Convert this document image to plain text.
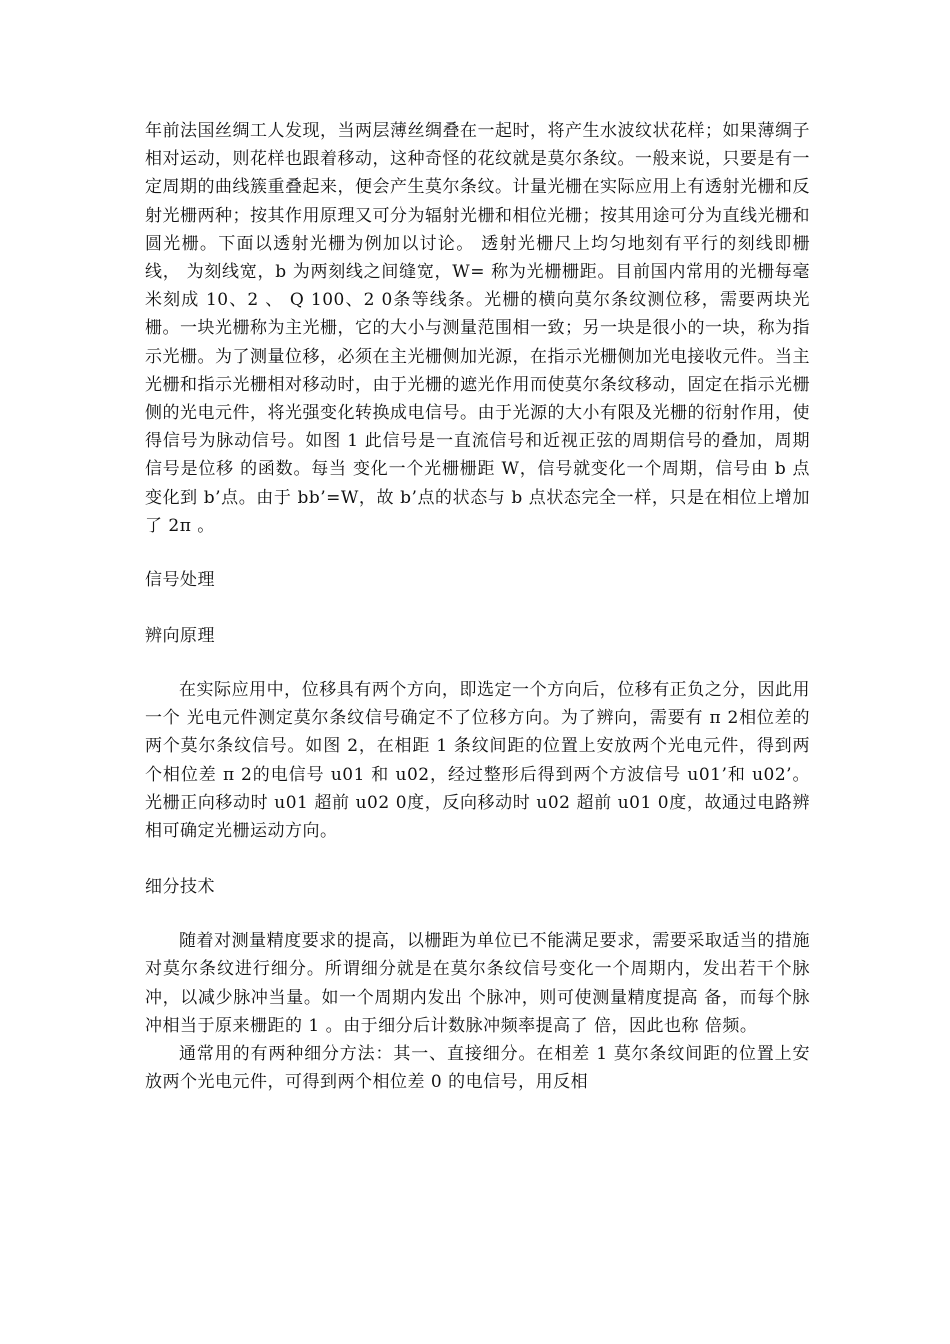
年前法国丝绸工人发现，当两层薄丝绸叠在一起时，将产生水波纹状花样；如果薄绸子相对运动，则花样也跟着移动，这种奇怪的花纹就是莫尔条纹。一般来说，只要是有一定周期的曲线簇重叠起来，便会产生莫尔条纹。计量光栅在实际应用上有透射光栅和反射光栅两种；按其作用原理又可分为辐射光栅和相位光栅；按其用途可分为直线光栅和圆光栅。下面以透射光栅为例加以讨论。 透射光栅尺上均匀地刻有平行的刻线即栅线， 为刻线宽，b 为两刻线之间缝宽，W= 称为光栅栅距。目前国内常用的光栅每毫米刻成 10、2 、 Q 100、2 0条等线条。光栅的横向莫尔条纹测位移，需要两块光栅。一块光栅称为主光栅，它的大小与测量范围相一致；另一块是很小的一块，称为指示光栅。为了测量位移，必须在主光栅侧加光源，在指示光栅侧加光电接收元件。当主光栅和指示光栅相对移动时，由于光栅的遮光作用而使莫尔条纹移动，固定在指示光栅侧的光电元件，将光强变化转换成电信号。由于光源的大小有限及光栅的衍射作用，使得信号为脉动信号。如图 1 此信号是一直流信号和近视正弦的周期信号的叠加，周期信号是位移 的函数。每当 变化一个光栅栅距 W，信号就变化一个周期，信号由 b 点变化到 b’点。由于 bb’=W，故 b’点的状态与 b 点状态完全一样，只是在相位上增加了 2π 。

信号处理

辨向原理

在实际应用中，位移具有两个方向，即选定一个方向后，位移有正负之分，因此用一个 光电元件测定莫尔条纹信号确定不了位移方向。为了辨向，需要有 π 2相位差的两个莫尔条纹信号。如图 2，在相距 1 条纹间距的位置上安放两个光电元件，得到两个相位差 π 2的电信号 u01 和 u02，经过整形后得到两个方波信号 u01’和 u02’。光栅正向移动时 u01 超前 u02 0度，反向移动时 u02 超前 u01 0度，故通过电路辨相可确定光栅运动方向。

细分技术

随着对测量精度要求的提高，以栅距为单位已不能满足要求，需要采取适当的措施对莫尔条纹进行细分。所谓细分就是在莫尔条纹信号变化一个周期内，发出若干个脉冲，以减少脉冲当量。如一个周期内发出 个脉冲，则可使测量精度提高 备，而每个脉冲相当于原来栅距的 1 。由于细分后计数脉冲频率提高了 倍，因此也称 倍频。

通常用的有两种细分方法：其一、直接细分。在相差 1 莫尔条纹间距的位置上安放两个光电元件，可得到两个相位差 0 的电信号，用反相
